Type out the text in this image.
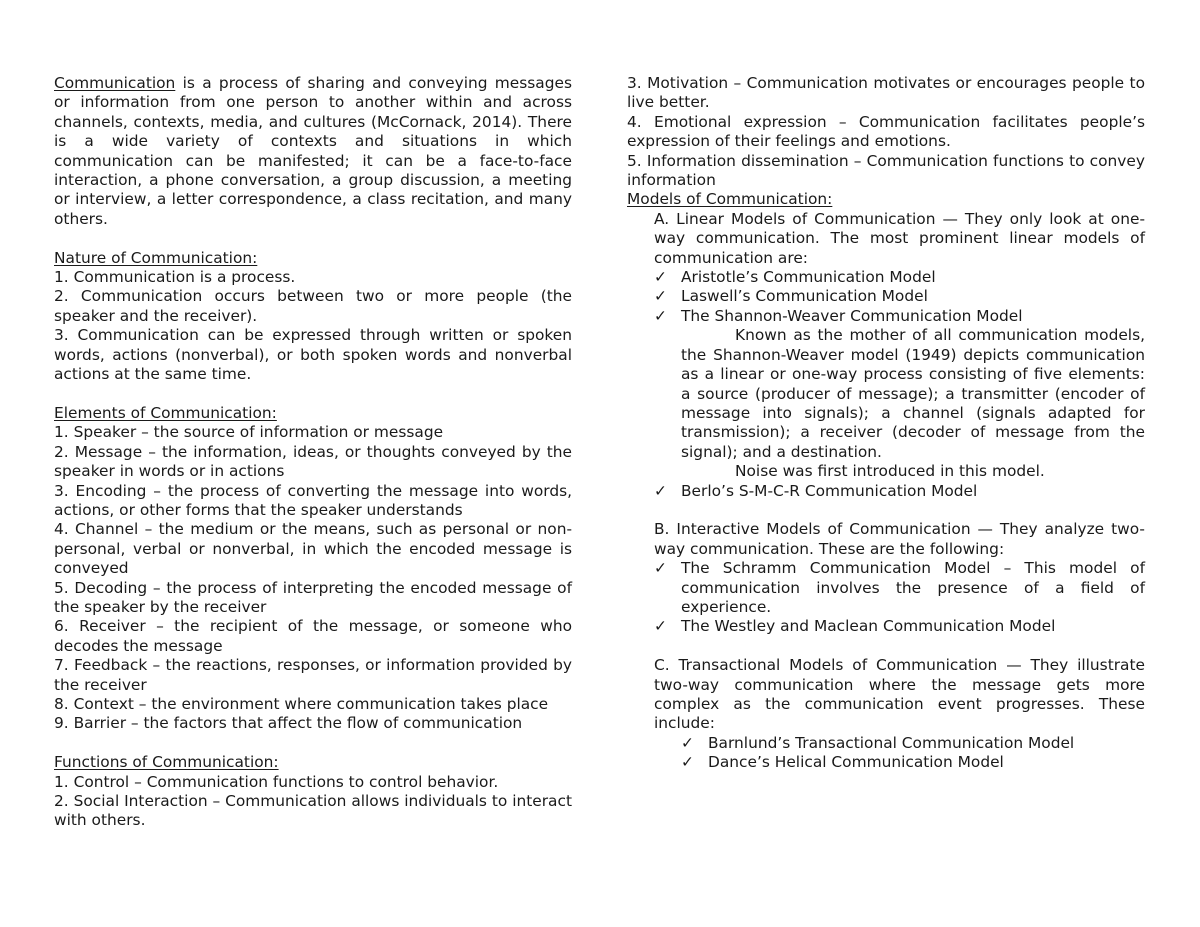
Communication is a process of sharing and conveying messages or information from one person to another within and across channels, contexts, media, and cultures (McCornack, 2014). There is a wide variety of contexts and situations in which communication can be manifested; it can be a face-to-face interaction, a phone conversation, a group discussion, a meeting or interview, a letter correspondence, a class recitation, and many others.

Nature of Communication:

1. Communication is a process.

2. Communication occurs between two or more people (the speaker and the receiver).

3. Communication can be expressed through written or spoken words, actions (nonverbal), or both spoken words and nonverbal actions at the same time.

Elements of Communication:

1. Speaker – the source of information or message

2. Message – the information, ideas, or thoughts conveyed by the speaker in words or in actions

3. Encoding – the process of converting the message into words, actions, or other forms that the speaker understands

4. Channel – the medium or the means, such as personal or non-personal, verbal or nonverbal, in which the encoded message is conveyed

5. Decoding – the process of interpreting the encoded message of the speaker by the receiver

6. Receiver – the recipient of the message, or someone who decodes the message

7. Feedback – the reactions, responses, or information provided by the receiver

8. Context – the environment where communication takes place

9. Barrier – the factors that affect the flow of communication

Functions of Communication:

1. Control – Communication functions to control behavior.

2. Social Interaction – Communication allows individuals to interact with others.

3. Motivation – Communication motivates or encourages people to live better.

4. Emotional expression – Communication facilitates people’s expression of their feelings and emotions.

5. Information dissemination – Communication functions to convey information

Models of Communication:

A. Linear Models of Communication — They only look at one-way communication. The most prominent linear models of communication are:

✓ Aristotle’s Communication Model
✓ Laswell’s Communication Model
✓ The Shannon-Weaver Communication Model

Known as the mother of all communication models, the Shannon-Weaver model (1949) depicts communication as a linear or one-way process consisting of five elements: a source (producer of message); a transmitter (encoder of message into signals); a channel (signals adapted for transmission); a receiver (decoder of message from the signal); and a destination.

Noise was first introduced in this model.

✓ Berlo’s S-M-C-R Communication Model

B. Interactive Models of Communication — They analyze two-way communication. These are the following:

✓ The Schramm Communication Model – This model of communication involves the presence of a field of experience.
✓ The Westley and Maclean Communication Model

C. Transactional Models of Communication — They illustrate two-way communication where the message gets more complex as the communication event progresses. These include:

✓ Barnlund’s Transactional Communication Model
✓ Dance’s Helical Communication Model
